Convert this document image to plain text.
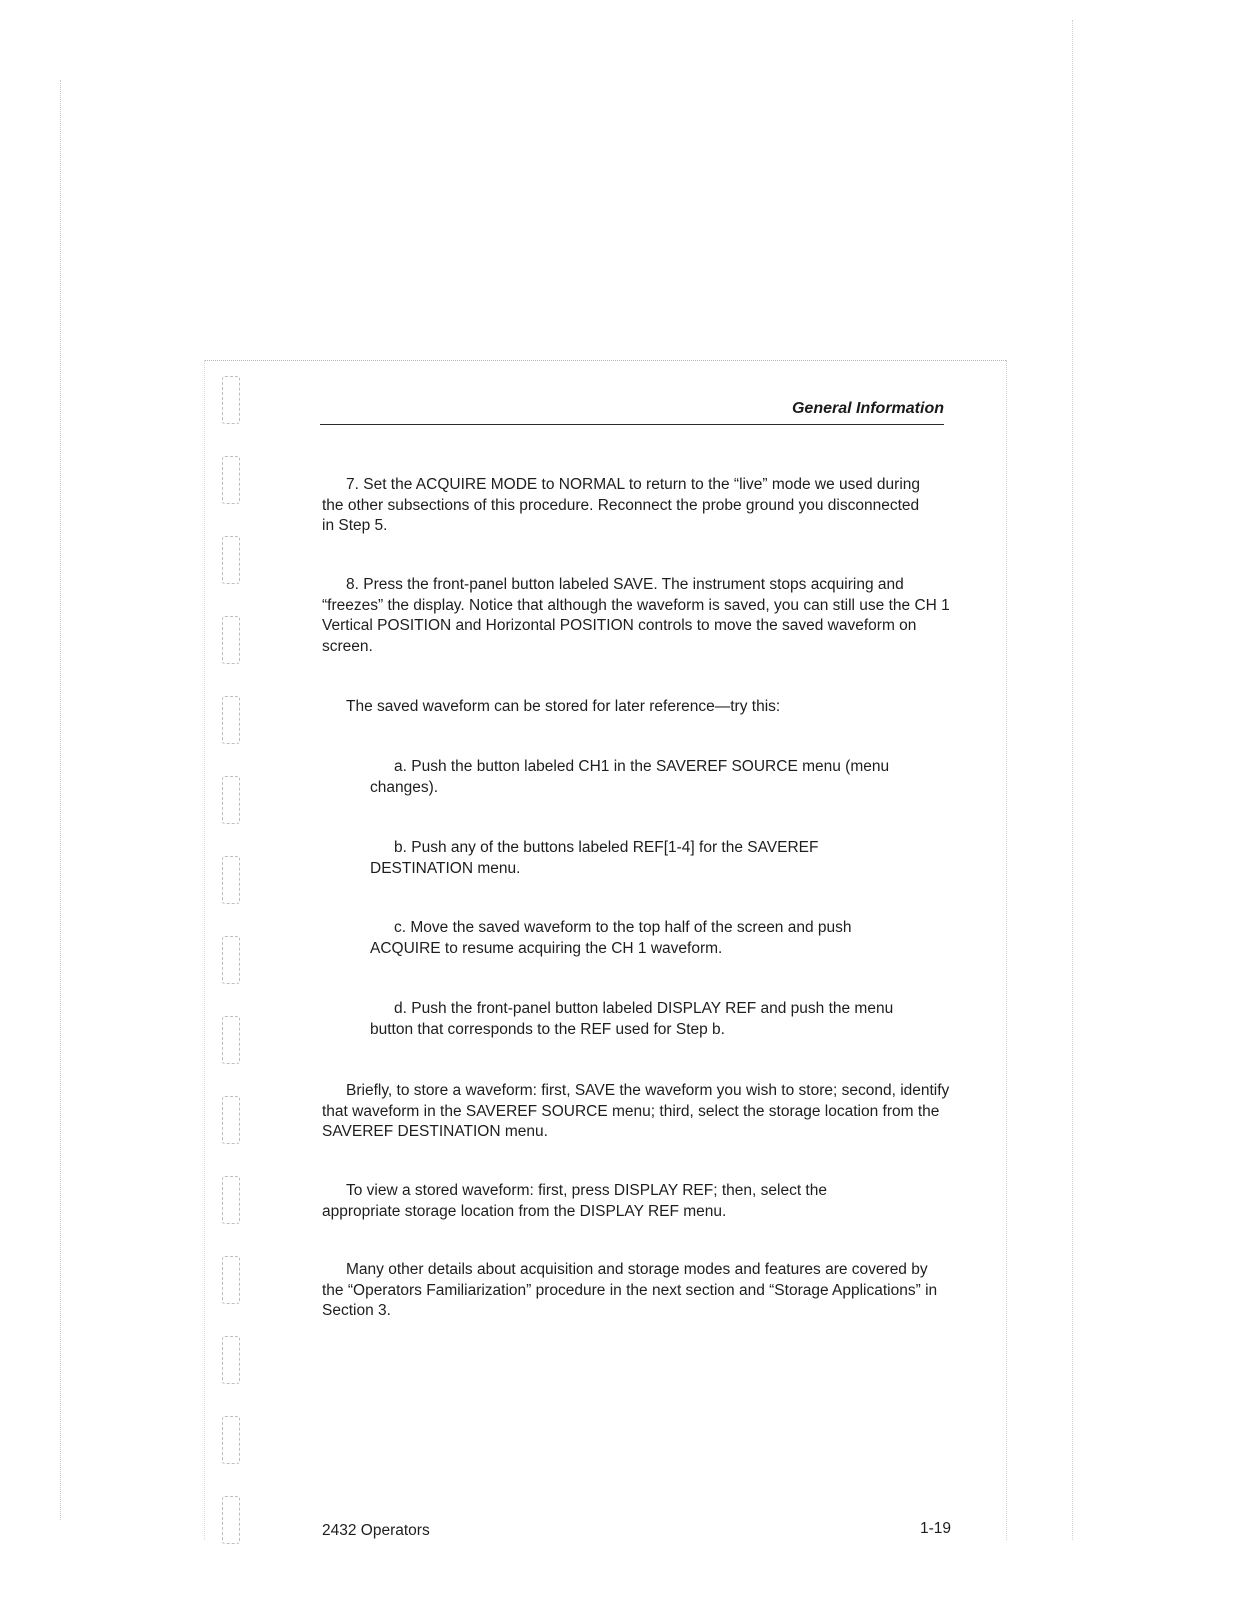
General Information

7. Set the ACQUIRE MODE to NORMAL to return to the “live” mode we used during the other subsections of this procedure. Reconnect the probe ground you disconnected in Step 5.

8. Press the front-panel button labeled SAVE. The instrument stops acquiring and “freezes” the display. Notice that although the waveform is saved, you can still use the CH 1 Vertical POSITION and Horizontal POSITION controls to move the saved waveform on screen.

The saved waveform can be stored for later reference—try this:

a. Push the button labeled CH1 in the SAVEREF SOURCE menu (menu changes).

b. Push any of the buttons labeled REF[1-4] for the SAVEREF DESTINATION menu.

c. Move the saved waveform to the top half of the screen and push ACQUIRE to resume acquiring the CH 1 waveform.

d. Push the front-panel button labeled DISPLAY REF and push the menu button that corresponds to the REF used for Step b.

Briefly, to store a waveform: first, SAVE the waveform you wish to store; second, identify that waveform in the SAVEREF SOURCE menu; third, select the storage location from the SAVEREF DESTINATION menu.

To view a stored waveform: first, press DISPLAY REF; then, select the appropriate storage location from the DISPLAY REF menu.

Many other details about acquisition and storage modes and features are covered by the “Operators Familiarization” procedure in the next section and “Storage Applications” in Section 3.

2432 Operators	1-19
